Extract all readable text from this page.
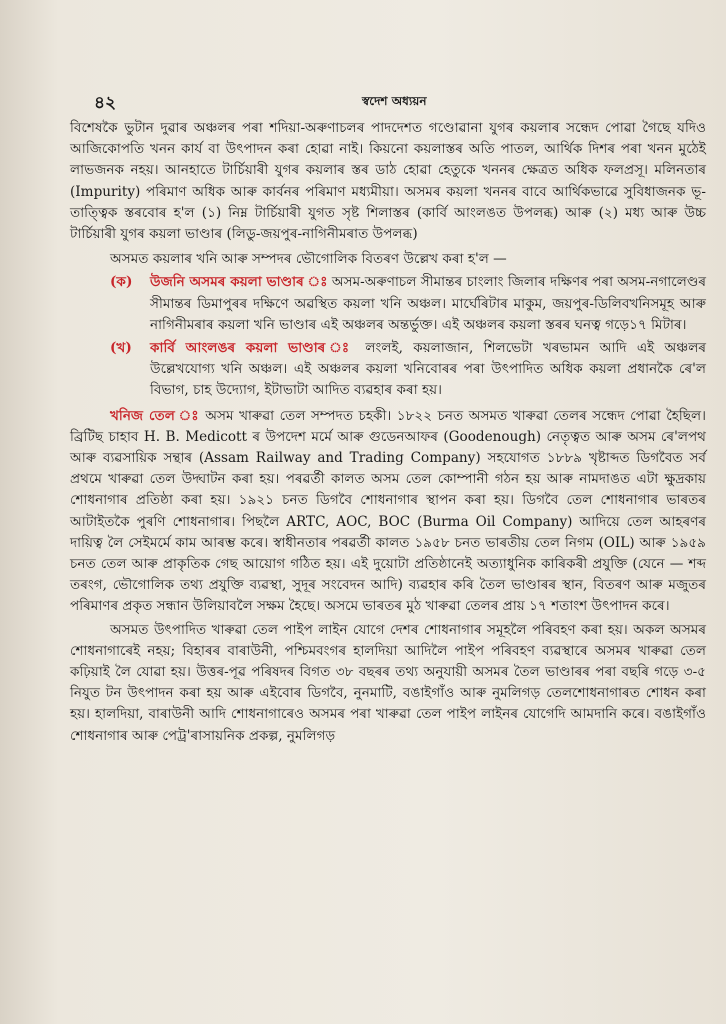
৪২	স্বদেশ অধ্যয়ন

বিশেষকৈ ভুটান দুৱাৰ অঞ্চলৰ পৰা শদিয়া-অৰুণাচলৰ পাদদেশত গণ্ডোৱানা যুগৰ কয়লাৰ সন্ধেদ পোৱা গৈছে যদিও আজিকোপতি খনন কাৰ্য বা উৎপাদন কৰা হোৱা নাই। কিয়নো কয়লাস্তৰ অতি পাতল, আৰ্থিক দিশৰ পৰা খনন মুঠেই লাভজনক নহয়। আনহাতে টাৰ্চিয়াৰী যুগৰ কয়লাৰ স্তৰ ডাঠ হোৱা হেতুকে খননৰ ক্ষেত্ৰত অধিক ফলপ্ৰসূ। মলিনতাৰ (Impurity) পৰিমাণ অধিক আৰু কাৰ্বনৰ পৰিমাণ মধ্যমীয়া। অসমৰ কয়লা খননৰ বাবে আৰ্থিকভাৱে সুবিধাজনক ভূ-তাত্ত্বিক স্তৰবোৰ হ'ল (১) নিম্ন টাৰ্চিয়াৰী যুগত সৃষ্ট শিলাস্তৰ (কাৰ্বি আংলঙত উপলব্ধ) আৰু (২) মধ্য আৰু উচ্চ টাৰ্চিয়াৰী যুগৰ কয়লা ভাণ্ডাৰ (লিডু-জয়পুৰ-নাগিনীমৰাত উপলব্ধ)

অসমত কয়লাৰ খনি আৰু সম্পদৰ ভৌগোলিক বিতৰণ উল্লেখ কৰা হ'ল —

(ক)	উজনি অসমৰ কয়লা ভাণ্ডাৰ ঃ অসম-অৰুণাচল সীমান্তৰ চাংলাং জিলাৰ দক্ষিণৰ পৰা অসম-নগালেণ্ডৰ সীমান্তৰ ডিমাপুৰৰ দক্ষিণে অৱস্থিত কয়লা খনি অঞ্চল। মাৰ্ঘেৰিটাৰ মাকুম, জয়পুৰ-ডিলিবখনিসমূহ আৰু নাগিনীমৰাৰ কয়লা খনি ভাণ্ডাৰ এই অঞ্চলৰ অন্তৰ্ভুক্ত। এই অঞ্চলৰ কয়লা স্তৰৰ ঘনত্ব গড়ে১৭ মিটাৰ।
(খ)	কাৰ্বি আংলঙৰ কয়লা ভাণ্ডাৰ ঃ লংলই, কয়লাজান, শিলভেটা খৰভামন আদি এই অঞ্চলৰ উল্লেখযোগ্য খনি অঞ্চল। এই অঞ্চলৰ কয়লা খনিবোৰৰ পৰা উৎপাদিত অধিক কয়লা প্ৰধানকৈ ৰে'ল বিভাগ, চাহ উদ্যোগ, ইটাভাটা আদিত ব্যৱহাৰ কৰা হয়।

খনিজ তেল ঃ অসম খাৰুৱা তেল সম্পদত চহকী। ১৮২২ চনত অসমত খাৰুৱা তেলৰ সন্ধেদ পোৱা হৈছিল। ব্ৰিটিছ চাহাব H. B. Medicott ৰ উপদেশ মৰ্মে আৰু গুডেনআফৰ (Goodenough) নেতৃত্বত আৰু অসম ৰে'লপথ আৰু ব্যৱসায়িক সন্থাৰ (Assam Railway and Trading Company) সহযোগত ১৮৮৯ খৃষ্টাব্দত ডিগবৈত সৰ্ব প্ৰথমে খাৰুৱা তেল উদ্ঘাটন কৰা হয়। পৰৱৰ্তী কালত অসম তেল কোম্পানী গঠন হয় আৰু নামদাঙত এটা ক্ষুদ্ৰকায় শোধনাগাৰ প্ৰতিষ্ঠা কৰা হয়। ১৯২১ চনত ডিগবৈ শোধনাগাৰ স্থাপন কৰা হয়। ডিগবৈ তেল শোধনাগাৰ ভাৰতৰ আটাইতকৈ পুৰণি শোধনাগাৰ। পিছলৈ ARTC, AOC, BOC (Burma Oil Company) আদিয়ে তেল আহৰণৰ দায়িত্ব লৈ সেইমৰ্মে কাম আৰম্ভ কৰে। স্বাধীনতাৰ পৰৱৰ্তী কালত ১৯৫৮ চনত ভাৰতীয় তেল নিগম (OIL) আৰু ১৯৫৯ চনত তেল আৰু প্ৰাকৃতিক গেছ আয়োগ গঠিত হয়। এই দুয়োটা প্ৰতিষ্ঠানেই অত্যাধুনিক কাৰিকৰী প্ৰযুক্তি (যেনে — শব্দ তৰংগ, ভৌগোলিক তথ্য প্ৰযুক্তি ব্যৱস্থা, সুদূৰ সংবেদন আদি) ব্যৱহাৰ কৰি তৈল ভাণ্ডাৰৰ স্থান, বিতৰণ আৰু মজুতৰ পৰিমাণৰ প্ৰকৃত সন্ধান উলিয়াবলৈ সক্ষম হৈছে। অসমে ভাৰতৰ মুঠ খাৰুৱা তেলৰ প্ৰায় ১৭ শতাংশ উৎপাদন কৰে।

অসমত উৎপাদিত খাৰুৱা তেল পাইপ লাইন যোগে দেশৰ শোধনাগাৰ সমূহলৈ পৰিবহণ কৰা হয়। অকল অসমৰ শোধনাগাৰেই নহয়; বিহাৰৰ বাৰাউনী, পশ্চিমবংগৰ হালদিয়া আদিলৈ পাইপ পৰিবহণ ব্যৱস্থাৰে অসমৰ খাৰুৱা তেল কঢ়িয়াই লৈ যোৱা হয়। উত্তৰ-পূৱ পৰিষদৰ বিগত ৩৮ বছৰৰ তথ্য অনুযায়ী অসমৰ তৈল ভাণ্ডাৰৰ পৰা বছৰি গড়ে ৩-৫ নিযুত টন উৎপাদন কৰা হয় আৰু এইবোৰ ডিগবৈ, নুনমাটি, বঙাইগাঁও আৰু নুমলিগড় তেলশোধনাগাৰত শোধন কৰা হয়। হালদিয়া, বাৰাউনী আদি শোধনাগাৰেও অসমৰ পৰা খাৰুৱা তেল পাইপ লাইনৰ যোগেদি আমদানি কৰে। বঙাইগাঁও শোধনাগাৰ আৰু পেট্ৰ'ৰাসায়নিক প্ৰকল্প, নুমলিগড়
